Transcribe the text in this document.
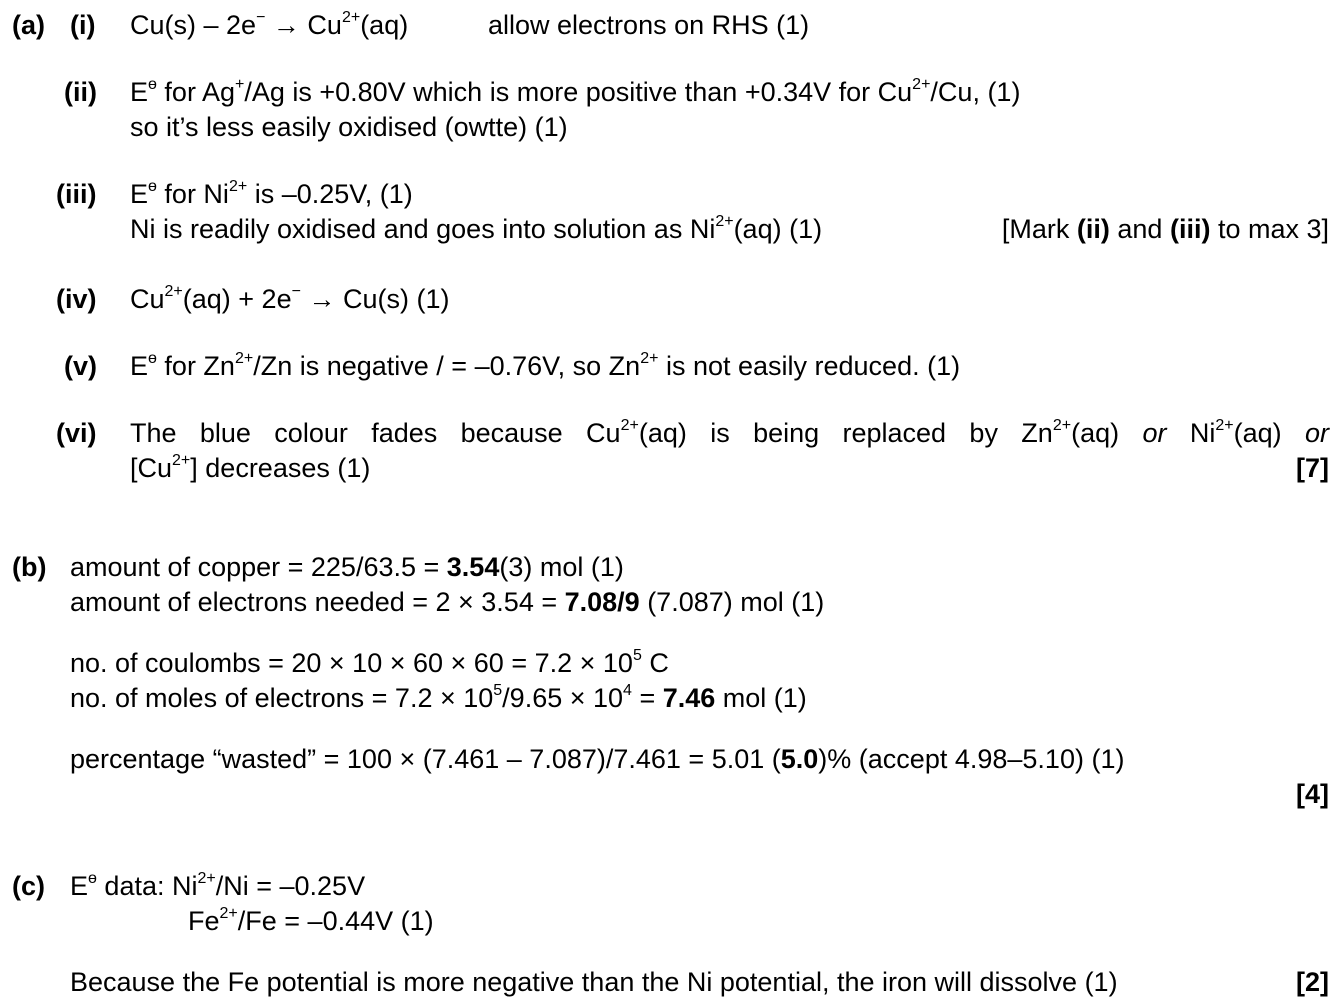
(a) (i) $Cu(s) - 2e^- \to Cu^{2+}(aq)$	allow electrons on RHS (1)
(ii) $E^ө$ for Ag+/Ag is +0.80V which is more positive than +0.34V for $Cu^{2+}/Cu$, (1)
so it’s less easily oxidised (owtte) (1)
(iii) $E^ө$ for $Ni^{2+}$ is –0.25V, (1)
Ni is readily oxidised and goes into solution as $Ni^{2+}(aq)$ (1)	[Mark (ii) and (iii) to max 3]
(iv) $Cu^{2+}(aq) + 2e^- \to Cu(s)$ (1)
(v) $E^ө$ for $Zn^{2+}/Zn$ is negative / = –0.76V, so $Zn^{2+}$ is not easily reduced. (1)
(vi) The blue colour fades because $Cu^{2+}(aq)$ is being replaced by $Zn^{2+}(aq)$ or $Ni^{2+}(aq)$ or
$[Cu^{2+}]$ decreases (1)	[7]
(b) amount of copper = 225/63.5 = 3.54(3) mol (1)
amount of electrons needed = 2 × 3.54 = 7.08/9 (7.087) mol (1)
no. of coulombs = $20 \times 10 \times 60 \times 60 = 7.2 \times 10^5$ C
no. of moles of electrons = $7.2 \times 10^5/9.65 \times 10^4 = 7.46$ mol (1)
percentage “wasted” = 100 × (7.461 – 7.087)/7.461 = 5.01 (5.0)% (accept 4.98–5.10) (1)
[4]
(c) $E^ө$ data: $Ni^{2+}/Ni = -0.25V$
$Fe^{2+}/Fe = -0.44V$ (1)
Because the Fe potential is more negative than the Ni potential, the iron will dissolve (1)	[2]
